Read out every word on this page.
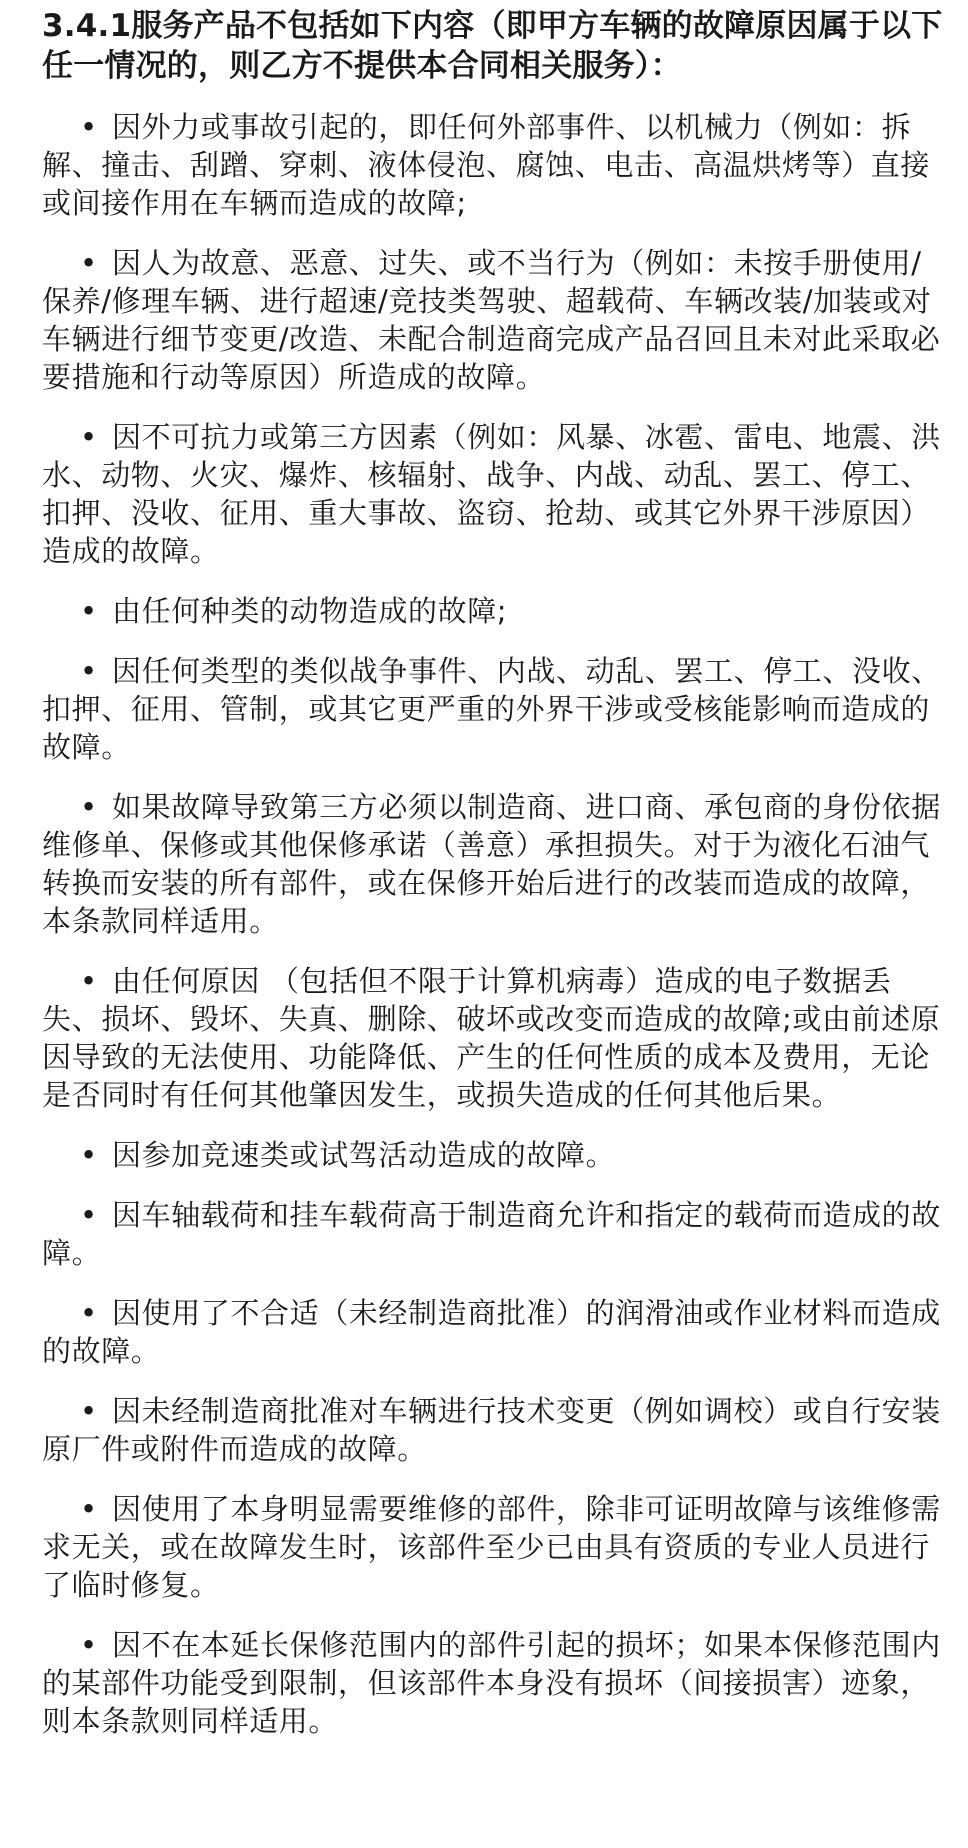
3.4.1服务产品不包括如下内容（即甲方车辆的故障原因属于以下任一情况的，则乙方不提供本合同相关服务）：
• 因外力或事故引起的，即任何外部事件、以机械力（例如：拆解、撞击、刮蹭、穿刺、液体侵泡、腐蚀、电击、高温烘烤等）直接或间接作用在车辆而造成的故障;
• 因人为故意、恶意、过失、或不当行为（例如：未按手册使用/保养/修理车辆、进行超速/竞技类驾驶、超载荷、车辆改装/加装或对车辆进行细节变更/改造、未配合制造商完成产品召回且未对此采取必要措施和行动等原因）所造成的故障。
• 因不可抗力或第三方因素（例如：风暴、冰雹、雷电、地震、洪水、动物、火灾、爆炸、核辐射、战争、内战、动乱、罢工、停工、扣押、没收、征用、重大事故、盗窃、抢劫、或其它外界干涉原因）造成的故障。
• 由任何种类的动物造成的故障;
• 因任何类型的类似战争事件、内战、动乱、罢工、停工、没收、扣押、征用、管制，或其它更严重的外界干涉或受核能影响而造成的故障。
• 如果故障导致第三方必须以制造商、进口商、承包商的身份依据维修单、保修或其他保修承诺（善意）承担损失。对于为液化石油气转换而安装的所有部件，或在保修开始后进行的改装而造成的故障，本条款同样适用。
• 由任何原因 （包括但不限于计算机病毒）造成的电子数据丢失、损坏、毁坏、失真、删除、破坏或改变而造成的故障;或由前述原因导致的无法使用、功能降低、产生的任何性质的成本及费用，无论是否同时有任何其他肇因发生，或损失造成的任何其他后果。
• 因参加竞速类或试驾活动造成的故障。
• 因车轴载荷和挂车载荷高于制造商允许和指定的载荷而造成的故障。
• 因使用了不合适（未经制造商批准）的润滑油或作业材料而造成的故障。
• 因未经制造商批准对车辆进行技术变更（例如调校）或自行安装原厂件或附件而造成的故障。
• 因使用了本身明显需要维修的部件，除非可证明故障与该维修需求无关，或在故障发生时，该部件至少已由具有资质的专业人员进行了临时修复。
• 因不在本延长保修范围内的部件引起的损坏；如果本保修范围内的某部件功能受到限制，但该部件本身没有损坏（间接损害）迹象，则本条款则同样适用。
